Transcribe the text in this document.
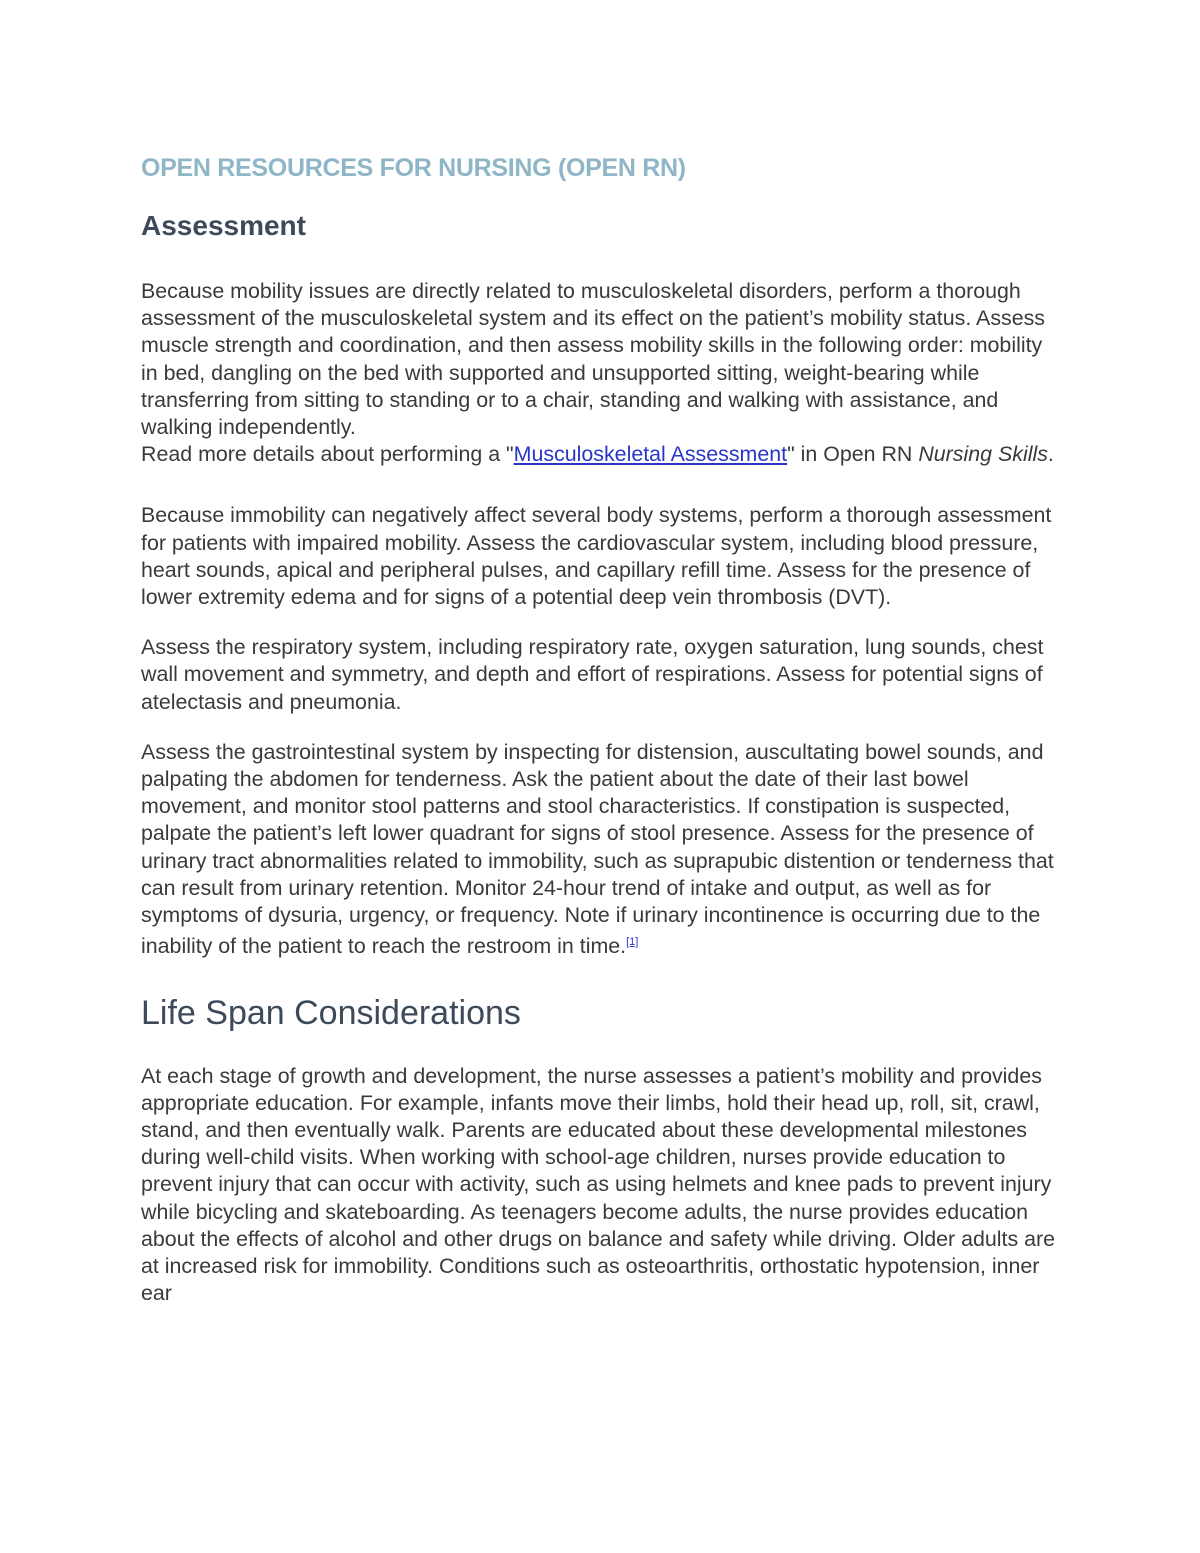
OPEN RESOURCES FOR NURSING (OPEN RN)
Assessment

Because mobility issues are directly related to musculoskeletal disorders, perform a thorough assessment of the musculoskeletal system and its effect on the patient’s mobility status. Assess muscle strength and coordination, and then assess mobility skills in the following order: mobility in bed, dangling on the bed with supported and unsupported sitting, weight-bearing while transferring from sitting to standing or to a chair, standing and walking with assistance, and walking independently.
Read more details about performing a "Musculoskeletal Assessment" in Open RN Nursing Skills.

Because immobility can negatively affect several body systems, perform a thorough assessment for patients with impaired mobility. Assess the cardiovascular system, including blood pressure, heart sounds, apical and peripheral pulses, and capillary refill time. Assess for the presence of lower extremity edema and for signs of a potential deep vein thrombosis (DVT).

Assess the respiratory system, including respiratory rate, oxygen saturation, lung sounds, chest wall movement and symmetry, and depth and effort of respirations. Assess for potential signs of atelectasis and pneumonia.

Assess the gastrointestinal system by inspecting for distension, auscultating bowel sounds, and palpating the abdomen for tenderness. Ask the patient about the date of their last bowel movement, and monitor stool patterns and stool characteristics. If constipation is suspected, palpate the patient’s left lower quadrant for signs of stool presence. Assess for the presence of urinary tract abnormalities related to immobility, such as suprapubic distention or tenderness that can result from urinary retention. Monitor 24-hour trend of intake and output, as well as for symptoms of dysuria, urgency, or frequency. Note if urinary incontinence is occurring due to the inability of the patient to reach the restroom in time.[1]

Life Span Considerations

At each stage of growth and development, the nurse assesses a patient’s mobility and provides appropriate education. For example, infants move their limbs, hold their head up, roll, sit, crawl, stand, and then eventually walk. Parents are educated about these developmental milestones during well-child visits. When working with school-age children, nurses provide education to prevent injury that can occur with activity, such as using helmets and knee pads to prevent injury while bicycling and skateboarding. As teenagers become adults, the nurse provides education about the effects of alcohol and other drugs on balance and safety while driving. Older adults are at increased risk for immobility. Conditions such as osteoarthritis, orthostatic hypotension, inner ear
